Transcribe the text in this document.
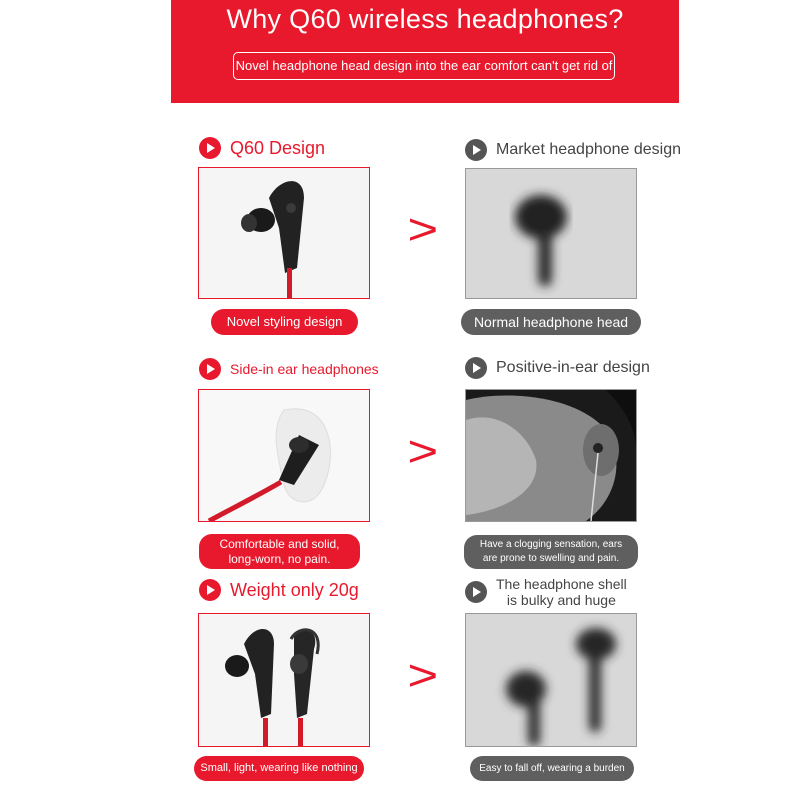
Why Q60 wireless headphones?
Novel headphone head design into the ear comfort can't get rid of
Q60 Design	Market headphone design
>
Novel styling design	Normal headphone head
Side-in ear headphones	Positive-in-ear design
>
Comfortable and solid,
long-worn, no pain.
Have a clogging sensation, ears
are prone to swelling and pain.
Weight only 20g	The headphone shell
is bulky and huge
>
Small, light, wearing like nothing	Easy to fall off, wearing a burden
